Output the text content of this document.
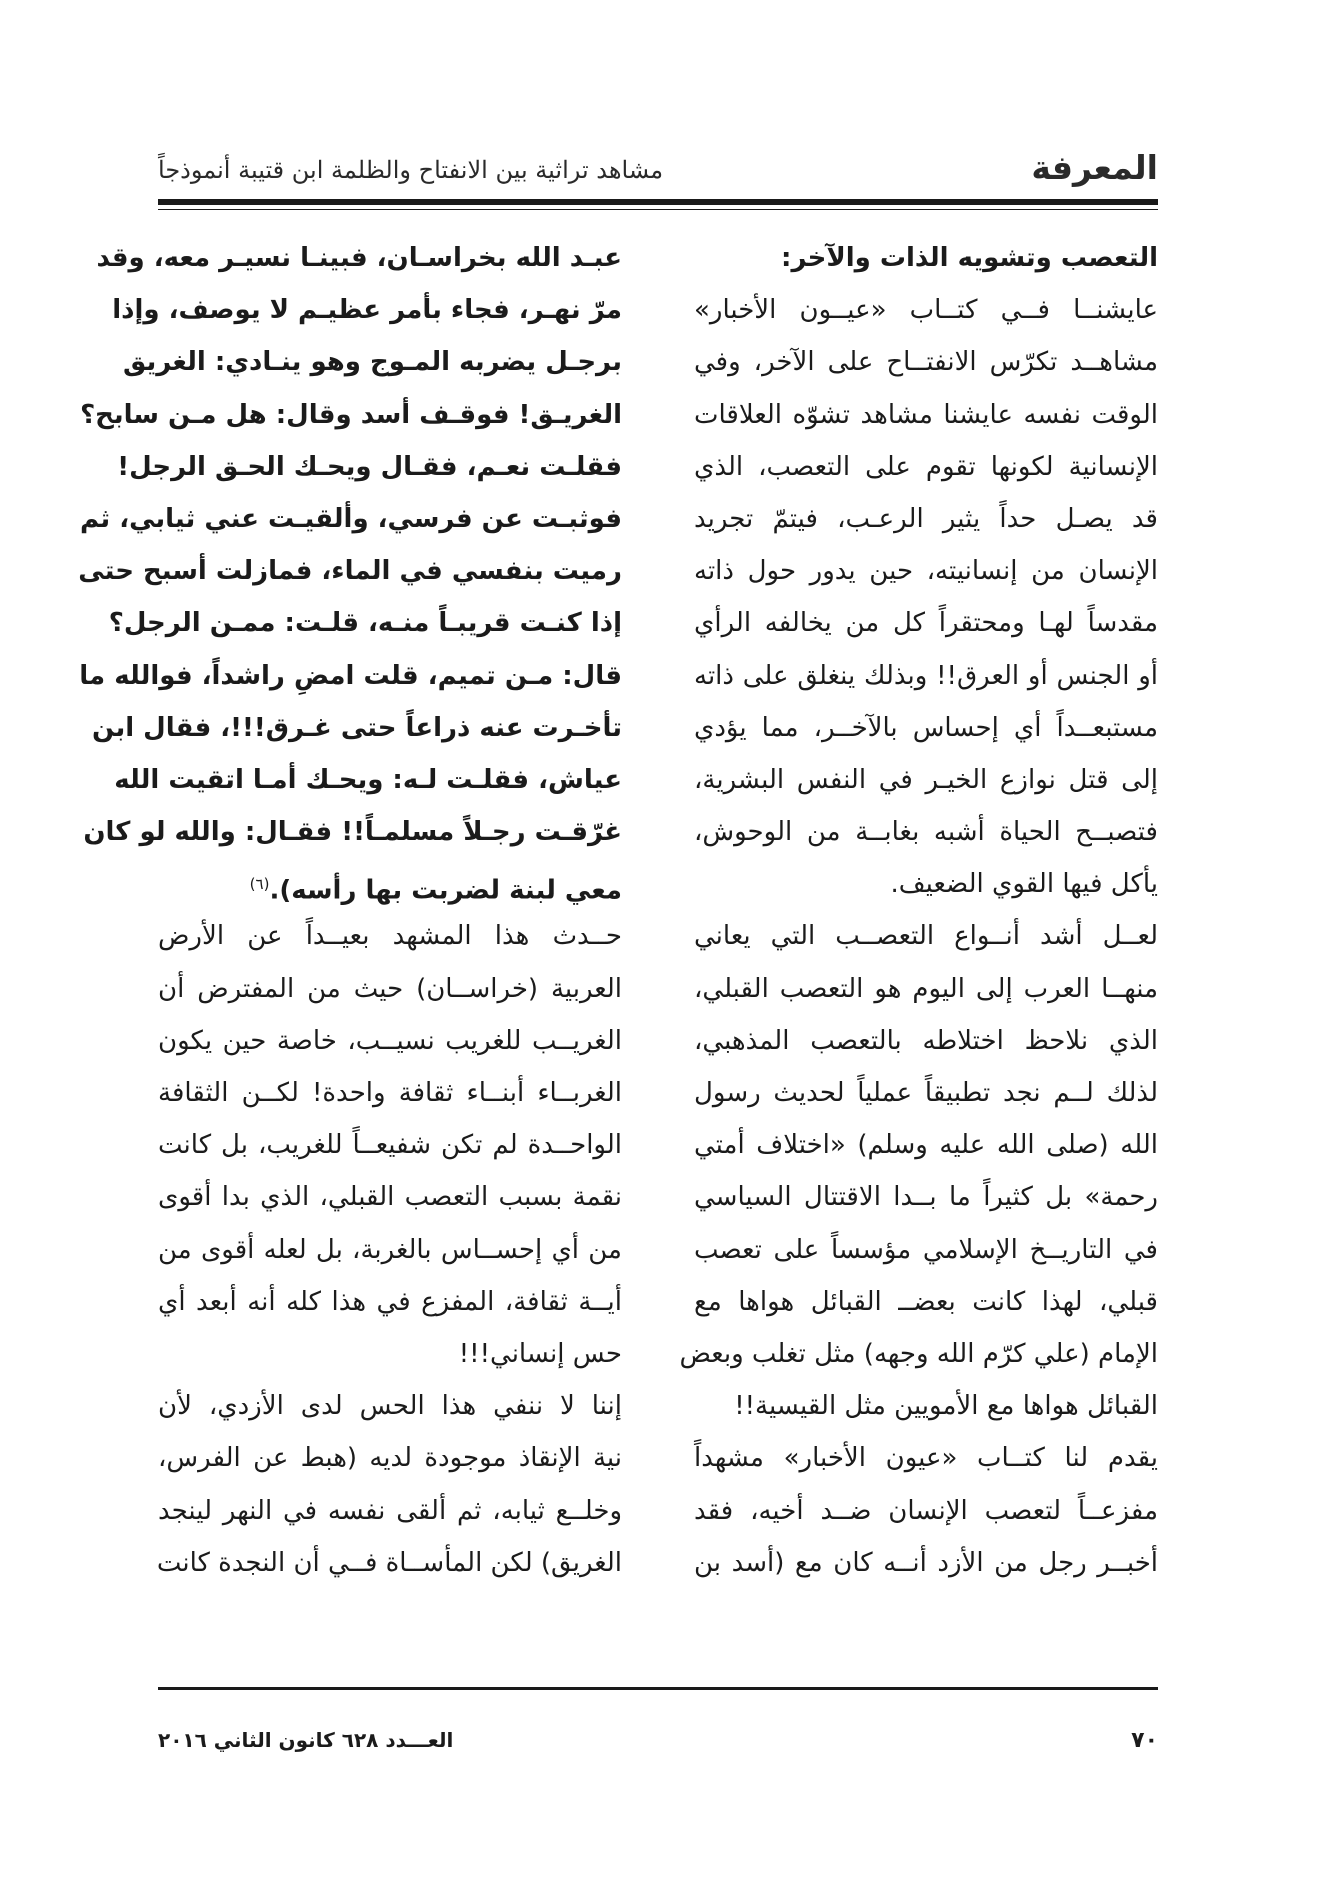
المعرفة
مشاهد تراثية بين الانفتاح والظلمة ابن قتيبة أنموذجاً
التعصب وتشويه الذات والآخر:
عايشنــا فــي كتــاب «عيــون الأخبار»
مشاهــد تكرّس الانفتــاح على الآخر، وفي
الوقت نفسه عايشنا مشاهد تشوّه العلاقات
الإنسانية لكونها تقوم على التعصب، الذي
قد يصـل حداً يثير الرعـب، فيتمّ تجريد
الإنسان من إنسانيته، حين يدور حول ذاته
مقدساً لهـا ومحتقراً كل من يخالفه الرأي
أو الجنس أو العرق!! وبذلك ينغلق على ذاته
مستبعــداً أي إحساس بالآخــر، مما يؤدي
إلى قتل نوازع الخيـر في النفس البشرية،
فتصبــح الحياة أشبه بغابــة من الوحوش،
يأكل فيها القوي الضعيف.
لعــل أشد أنــواع التعصــب التي يعاني
منهــا العرب إلى اليوم هو التعصب القبلي،
الذي نلاحظ اختلاطه بالتعصب المذهبي،
لذلك لــم نجد تطبيقاً عملياً لحديث رسول
الله (صلى الله عليه وسلم) «اختلاف أمتي
رحمة» بل كثيراً ما بــدا الاقتتال السياسي
في التاريــخ الإسلامي مؤسساً على تعصب
قبلي، لهذا كانت بعضــ القبائل هواها مع
الإمام (علي كرّم الله وجهه) مثل تغلب وبعض
القبائل هواها مع الأمويين مثل القيسية!!
يقدم لنا كتــاب «عيون الأخبار» مشهداً
مفزعــاً لتعصب الإنسان ضــد أخيه، فقد
أخبــر رجل من الأزد أنــه كان مع (أسد بن
عبـد الله بخراسـان، فبينـا نسيـر معه، وقد
مرّ نهـر، فجاء بأمر عظيـم لا يوصف، وإذا
برجـل يضربه المـوج وهو ينـادي: الغريق
الغريـق! فوقـف أسد وقال: هل مـن سابح؟
فقلـت نعـم، فقـال ويحـك الحـق الرجل!
فوثبـت عن فرسي، وألقيـت عني ثيابي، ثم
رميت بنفسي في الماء، فمازلت أسبح حتى
إذا كنـت قريبـاً منـه، قلـت: ممـن الرجل؟
قال: مـن تميم، قلت امضِ راشداً، فوالله ما
تأخـرت عنه ذراعاً حتى غـرق!!!، فقال ابن
عياش، فقلـت لـه: ويحـك أمـا اتقيت الله
غرّقـت رجـلاً مسلمـاً!! فقـال: والله لو كان
معي لبنة لضربت بها رأسه).$^{(٦)}$
حــدث هذا المشهد بعيــداً عن الأرض
العربية (خراســان) حيث من المفترض أن
الغريــب للغريب نسيــب، خاصة حين يكون
الغربــاء أبنــاء ثقافة واحدة! لكــن الثقافة
الواحــدة لم تكن شفيعــاً للغريب، بل كانت
نقمة بسبب التعصب القبلي، الذي بدا أقوى
من أي إحســاس بالغربة، بل لعله أقوى من
أيــة ثقافة، المفزع في هذا كله أنه أبعد أي
حس إنساني!!!
إننا لا ننفي هذا الحس لدى الأزدي، لأن
نية الإنقاذ موجودة لديه (هبط عن الفرس،
وخلــع ثيابه، ثم ألقى نفسه في النهر لينجد
الغريق) لكن المأســاة فــي أن النجدة كانت
٧٠
العـــدد ٦٢٨ كانون الثاني ٢٠١٦
